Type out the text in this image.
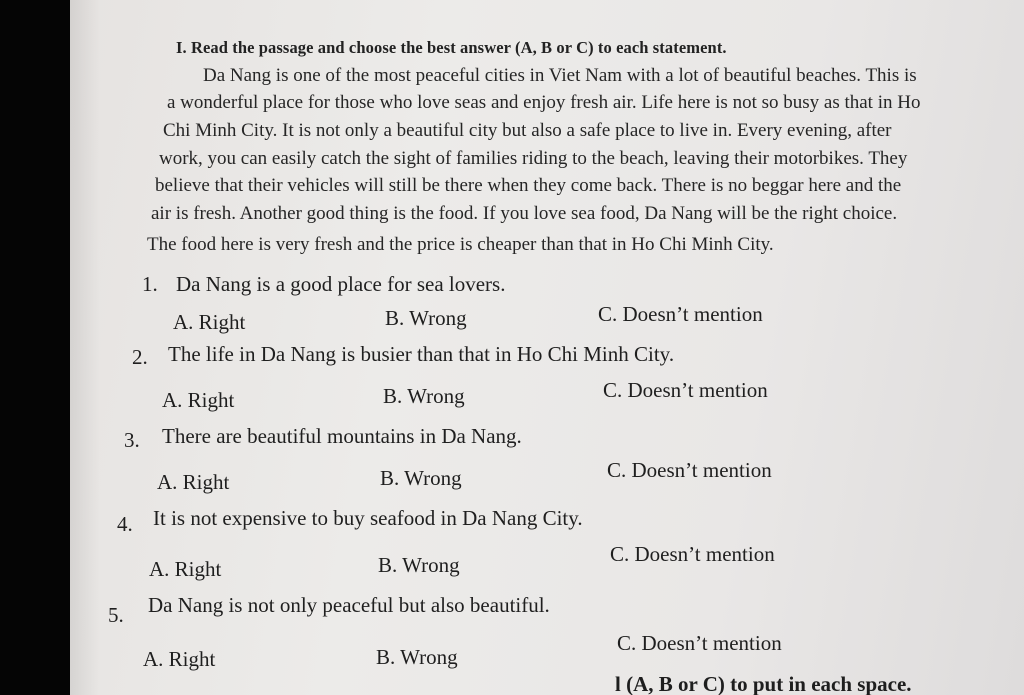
I. Read the passage and choose the best answer (A, B or C) to each statement.
Da Nang is one of the most peaceful cities in Viet Nam with a lot of beautiful beaches. This is
a wonderful place for those who love seas and enjoy fresh air. Life here is not so busy as that in Ho
Chi Minh City. It is not only a beautiful city but also a safe place to live in. Every evening, after
work, you can easily catch the sight of families riding to the beach, leaving their motorbikes. They
believe that their vehicles will still be there when they come back. There is no beggar here and the
air is fresh. Another good thing is the food. If you love sea food, Da Nang will be the right choice.
The food here is very fresh and the price is cheaper than that in Ho Chi Minh City.
1. Da Nang is a good place for sea lovers.
A. Right	B. Wrong	C. Doesn’t mention
2. The life in Da Nang is busier than that in Ho Chi Minh City.
A. Right	B. Wrong	C. Doesn’t mention
3. There are beautiful mountains in Da Nang.
A. Right	B. Wrong	C. Doesn’t mention
4. It is not expensive to buy seafood in Da Nang City.
A. Right	B. Wrong	C. Doesn’t mention
5. Da Nang is not only peaceful but also beautiful.
A. Right	B. Wrong
C. Doesn’t mention
l (A, B or C) to put in each space.
